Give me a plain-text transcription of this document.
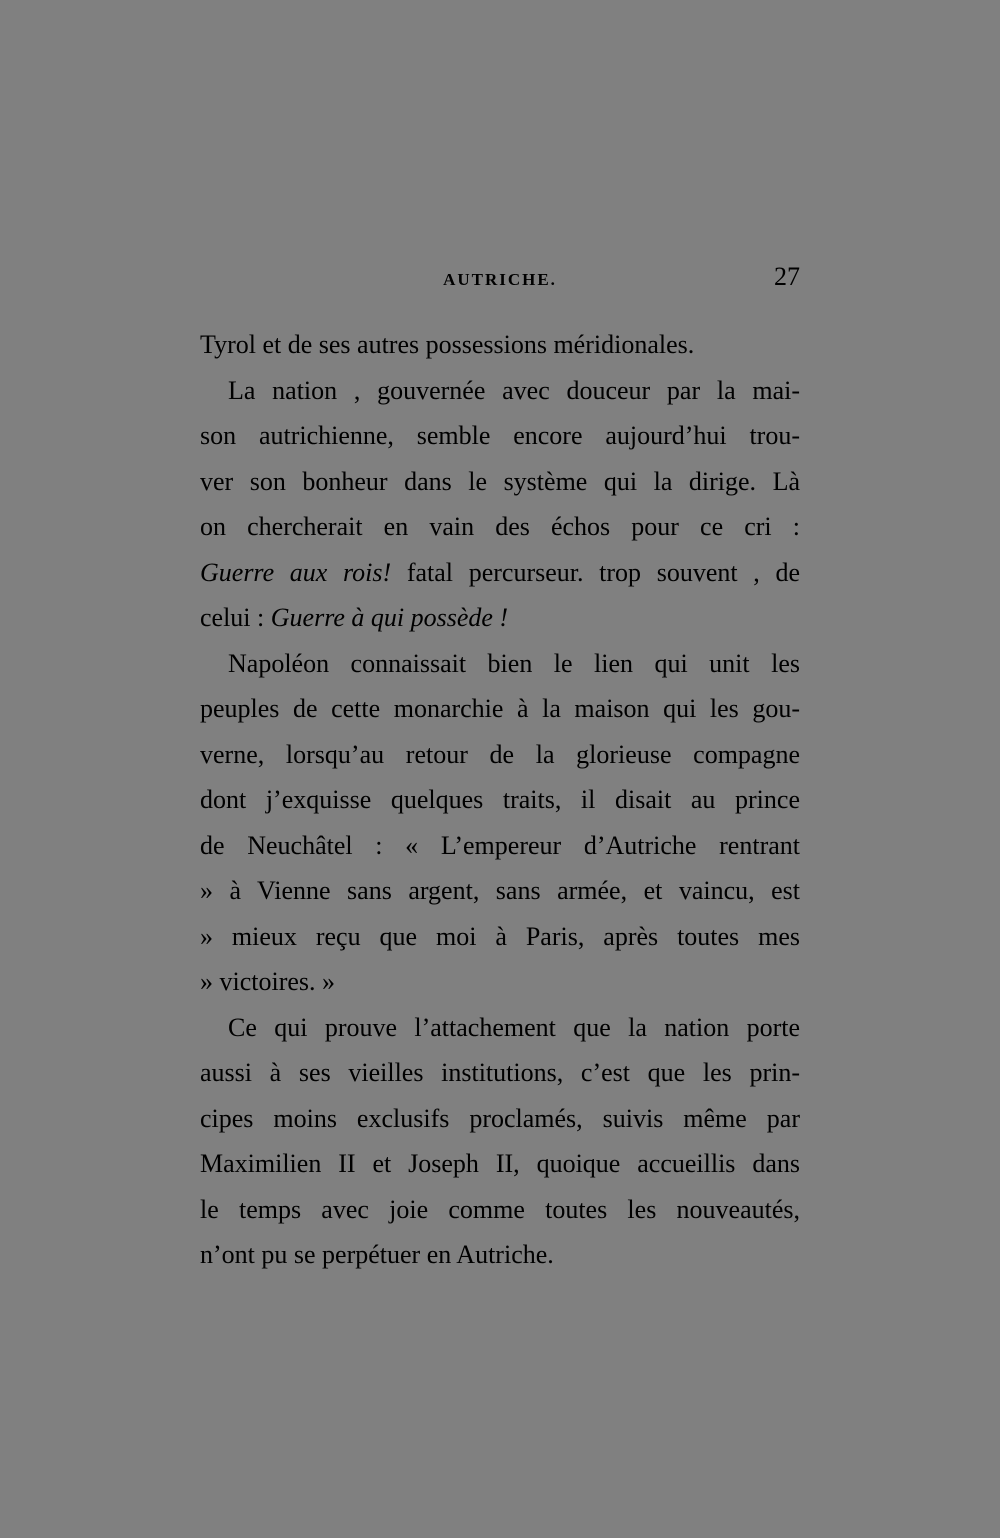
AUTRICHE.	27
Tyrol et de ses autres possessions méridionales.
La nation , gouvernée avec douceur par la mai-
son autrichienne, semble encore aujourd’hui trou-
ver son bonheur dans le système qui la dirige. Là
on chercherait en vain des échos pour ce cri :
Guerre aux rois! fatal percurseur. trop souvent , de
celui : Guerre à qui possède !
Napoléon connaissait bien le lien qui unit les
peuples de cette monarchie à la maison qui les gou-
verne, lorsqu’au retour de la glorieuse compagne
dont j’exquisse quelques traits, il disait au prince
de Neuchâtel : « L’empereur d’Autriche rentrant
» à Vienne sans argent, sans armée, et vaincu, est
» mieux reçu que moi à Paris, après toutes mes
» victoires. »
Ce qui prouve l’attachement que la nation porte
aussi à ses vieilles institutions, c’est que les prin-
cipes moins exclusifs proclamés, suivis même par
Maximilien II et Joseph II, quoique accueillis dans
le temps avec joie comme toutes les nouveautés,
n’ont pu se perpétuer en Autriche.
